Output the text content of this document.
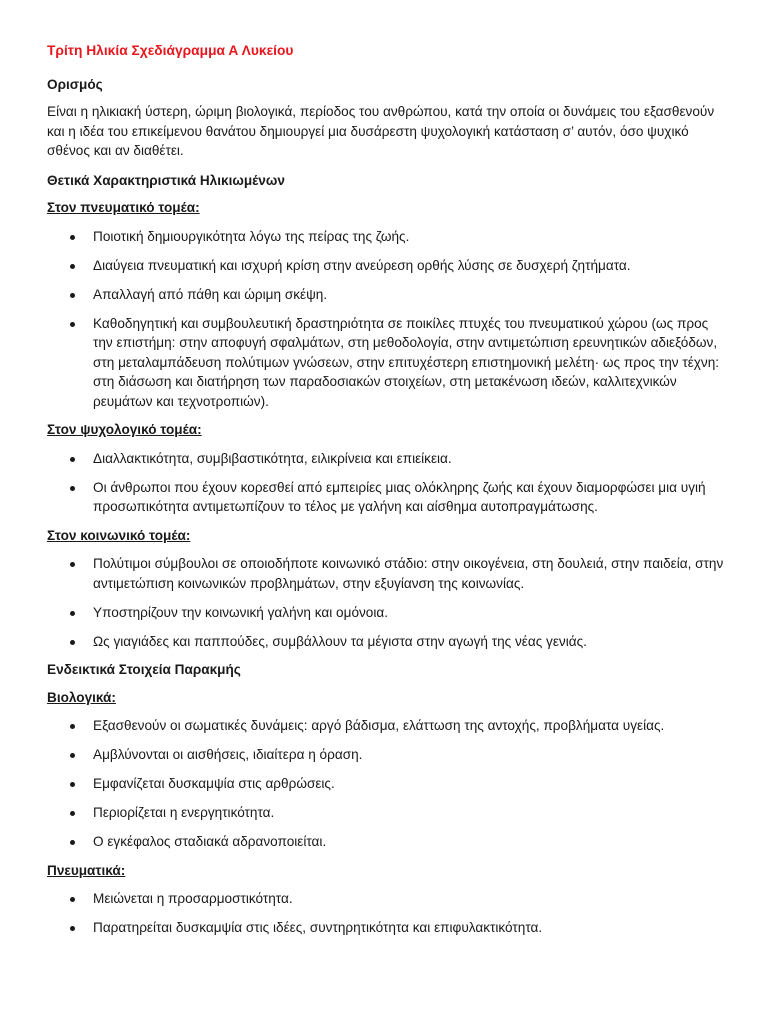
Τρίτη Ηλικία Σχεδιάγραμμα Α Λυκείου
Ορισμός
Είναι η ηλικιακή ύστερη, ώριμη βιολογικά, περίοδος του ανθρώπου, κατά την οποία οι δυνάμεις του εξασθενούν και η ιδέα του επικείμενου θανάτου δημιουργεί μια δυσάρεστη ψυχολογική κατάσταση σ’ αυτόν, όσο ψυχικό σθένος και αν διαθέτει.
Θετικά Χαρακτηριστικά Ηλικιωμένων
Στον πνευματικό τομέα:
Ποιοτική δημιουργικότητα λόγω της πείρας της ζωής.
Διαύγεια πνευματική και ισχυρή κρίση στην ανεύρεση ορθής λύσης σε δυσχερή ζητήματα.
Απαλλαγή από πάθη και ώριμη σκέψη.
Καθοδηγητική και συμβουλευτική δραστηριότητα σε ποικίλες πτυχές του πνευματικού χώρου (ως προς την επιστήμη: στην αποφυγή σφαλμάτων, στη μεθοδολογία, στην αντιμετώπιση ερευνητικών αδιεξόδων, στη μεταλαμπάδευση πολύτιμων γνώσεων, στην επιτυχέστερη επιστημονική μελέτη· ως προς την τέχνη: στη διάσωση και διατήρηση των παραδοσιακών στοιχείων, στη μετακένωση ιδεών, καλλιτεχνικών ρευμάτων και τεχνοτροπιών).
Στον ψυχολογικό τομέα:
Διαλλακτικότητα, συμβιβαστικότητα, ειλικρίνεια και επιείκεια.
Οι άνθρωποι που έχουν κορεσθεί από εμπειρίες μιας ολόκληρης ζωής και έχουν διαμορφώσει μια υγιή προσωπικότητα αντιμετωπίζουν το τέλος με γαλήνη και αίσθημα αυτοπραγμάτωσης.
Στον κοινωνικό τομέα:
Πολύτιμοι σύμβουλοι σε οποιοδήποτε κοινωνικό στάδιο: στην οικογένεια, στη δουλειά, στην παιδεία, στην αντιμετώπιση κοινωνικών προβλημάτων, στην εξυγίανση της κοινωνίας.
Υποστηρίζουν την κοινωνική γαλήνη και ομόνοια.
Ως γιαγιάδες και παππούδες, συμβάλλουν τα μέγιστα στην αγωγή της νέας γενιάς.
Ενδεικτικά Στοιχεία Παρακμής
Βιολογικά:
Εξασθενούν οι σωματικές δυνάμεις: αργό βάδισμα, ελάττωση της αντοχής, προβλήματα υγείας.
Αμβλύνονται οι αισθήσεις, ιδιαίτερα η όραση.
Εμφανίζεται δυσκαμψία στις αρθρώσεις.
Περιορίζεται η ενεργητικότητα.
Ο εγκέφαλος σταδιακά αδρανοποιείται.
Πνευματικά:
Μειώνεται η προσαρμοστικότητα.
Παρατηρείται δυσκαμψία στις ιδέες, συντηρητικότητα και επιφυλακτικότητα.
